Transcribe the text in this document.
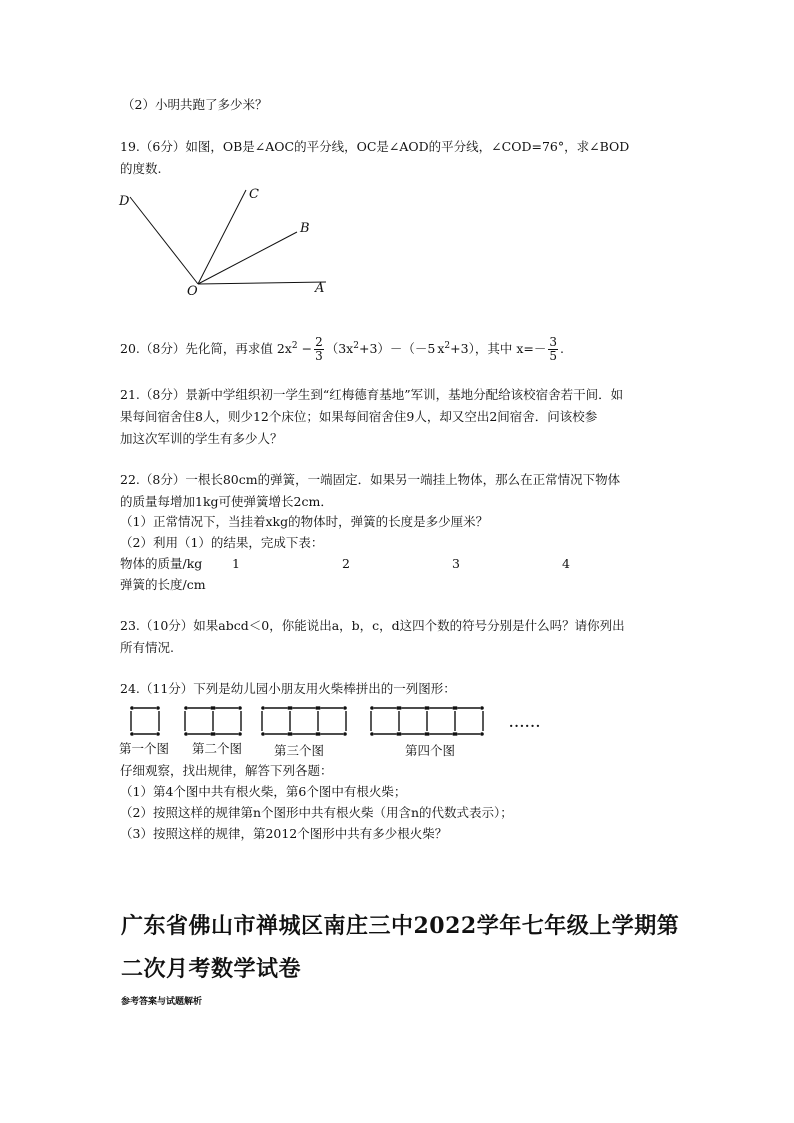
（2）小明共跑了多少米？
19.（6分）如图，OB是∠AOC的平分线，OC是∠AOD的平分线，∠COD=76°，求∠BOD
的度数.
D	C
B
O	A
20.（8分）先化简，再求值 $2x^2 - \frac{2}{3} (3x^2+3)-(-5$ $x^2+3$），其中 $x=- \frac{3}{5}$ .
21.（8分）景新中学组织初一学生到“红梅德育基地”军训，基地分配给该校宿舍若干间．如
果每间宿舍住8人，则少12个床位；如果每间宿舍住9人，却又空出2间宿舍．问该校参
加这次军训的学生有多少人？
22.（8分）一根长80cm的弹簧，一端固定．如果另一端挂上物体，那么在正常情况下物体
的质量每增加1kg可使弹簧增长2cm．
（1）正常情况下，当挂着xkg的物体时，弹簧的长度是多少厘米？
（2）利用（1）的结果，完成下表：
物体的质量/kg 1	2	3	4
弹簧的长度/cm
23.（10分）如果abcd＜0，你能说出a，b，c，d这四个数的符号分别是什么吗？请你列出
所有情况.
24.（11分）下列是幼儿园小朋友用火柴棒拼出的一列图形：
......
第一个图 第二个图	第三个图	第四个图
仔细观察，找出规律，解答下列各题：
（1）第4个图中共有根火柴，第6个图中有根火柴；
（2）按照这样的规律第n个图形中共有根火柴（用含n的代数式表示）；
（3）按照这样的规律，第2012个图形中共有多少根火柴？
广东省佛山市禅城区南庄三中2022学年七年级上学期第
二次月考数学试卷
参考答案与试题解析
